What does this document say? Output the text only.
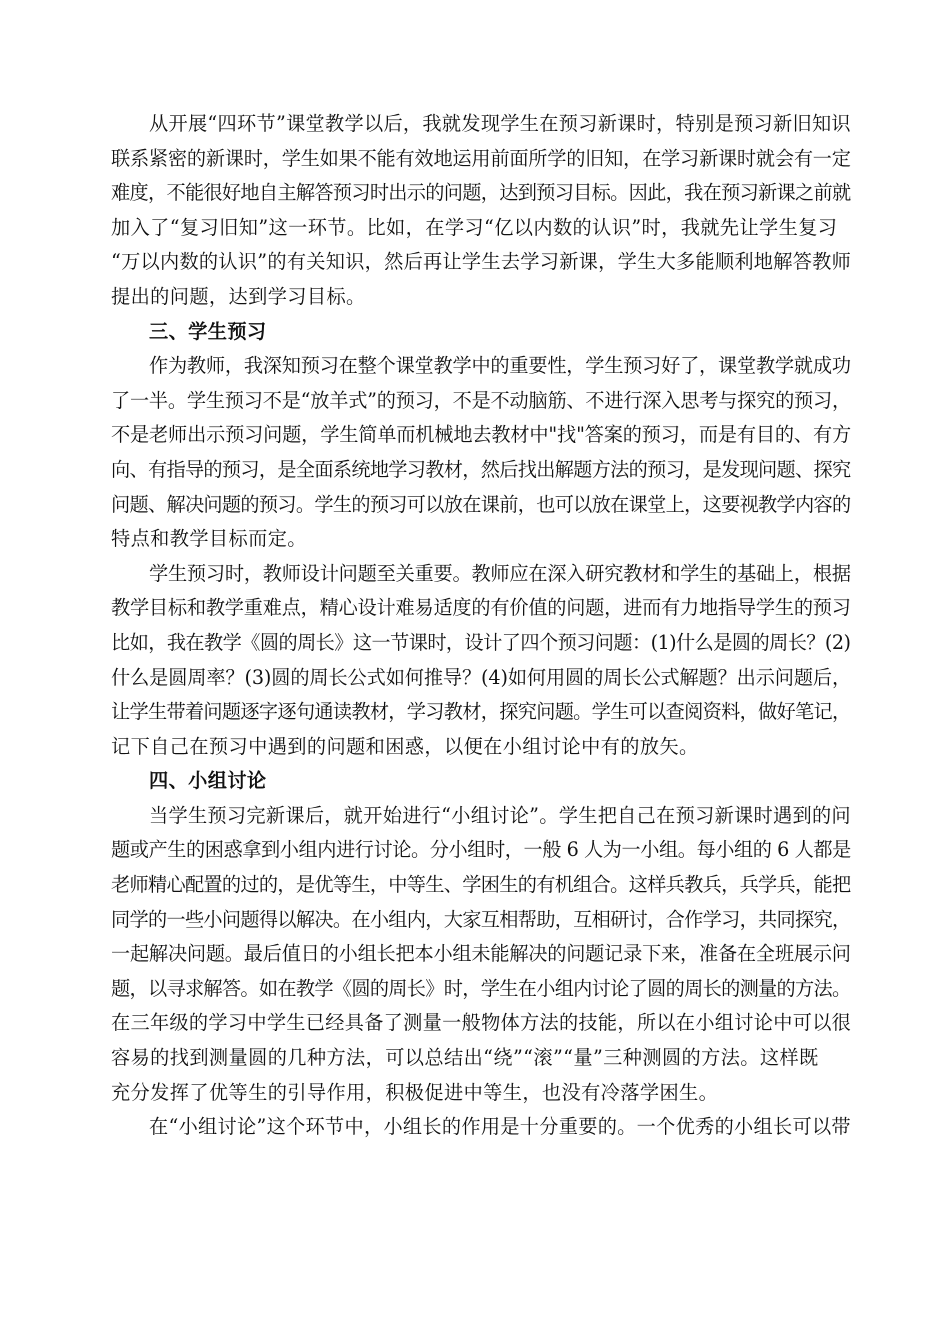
从开展“四环节”课堂教学以后，我就发现学生在预习新课时，特别是预习新旧知识
联系紧密的新课时，学生如果不能有效地运用前面所学的旧知，在学习新课时就会有一定
难度，不能很好地自主解答预习时出示的问题，达到预习目标。因此，我在预习新课之前就
加入了“复习旧知”这一环节。比如，在学习“亿以内数的认识”时，我就先让学生复习
“万以内数的认识”的有关知识，然后再让学生去学习新课，学生大多能顺利地解答教师
提出的问题，达到学习目标。
三、学生预习
作为教师，我深知预习在整个课堂教学中的重要性，学生预习好了，课堂教学就成功
了一半。学生预习不是“放羊式”的预习，不是不动脑筋、不进行深入思考与探究的预习，
不是老师出示预习问题，学生简单而机械地去教材中"找"答案的预习，而是有目的、有方
向、有指导的预习，是全面系统地学习教材，然后找出解题方法的预习，是发现问题、探究
问题、解决问题的预习。学生的预习可以放在课前，也可以放在课堂上，这要视教学内容的
特点和教学目标而定。
学生预习时，教师设计问题至关重要。教师应在深入研究教材和学生的基础上，根据
教学目标和教学重难点，精心设计难易适度的有价值的问题，进而有力地指导学生的预习
比如，我在教学《圆的周长》这一节课时，设计了四个预习问题：(1)什么是圆的周长？(2)
什么是圆周率？(3)圆的周长公式如何推导？(4)如何用圆的周长公式解题？出示问题后，
让学生带着问题逐字逐句通读教材，学习教材，探究问题。学生可以查阅资料，做好笔记，
记下自己在预习中遇到的问题和困惑，以便在小组讨论中有的放矢。
四、小组讨论
当学生预习完新课后，就开始进行“小组讨论”。学生把自己在预习新课时遇到的问
题或产生的困惑拿到小组内进行讨论。分小组时，一般 6 人为一小组。每小组的 6 人都是
老师精心配置的过的，是优等生，中等生、学困生的有机组合。这样兵教兵，兵学兵，能把
同学的一些小问题得以解决。在小组内，大家互相帮助，互相研讨，合作学习，共同探究，
一起解决问题。最后值日的小组长把本小组未能解决的问题记录下来，准备在全班展示问
题，以寻求解答。如在教学《圆的周长》时，学生在小组内讨论了圆的周长的测量的方法。
在三年级的学习中学生已经具备了测量一般物体方法的技能，所以在小组讨论中可以很
容易的找到测量圆的几种方法，可以总结出“绕”“滚”“量”三种测圆的方法。这样既
充分发挥了优等生的引导作用，积极促进中等生，也没有冷落学困生。
在“小组讨论”这个环节中，小组长的作用是十分重要的。一个优秀的小组长可以带
